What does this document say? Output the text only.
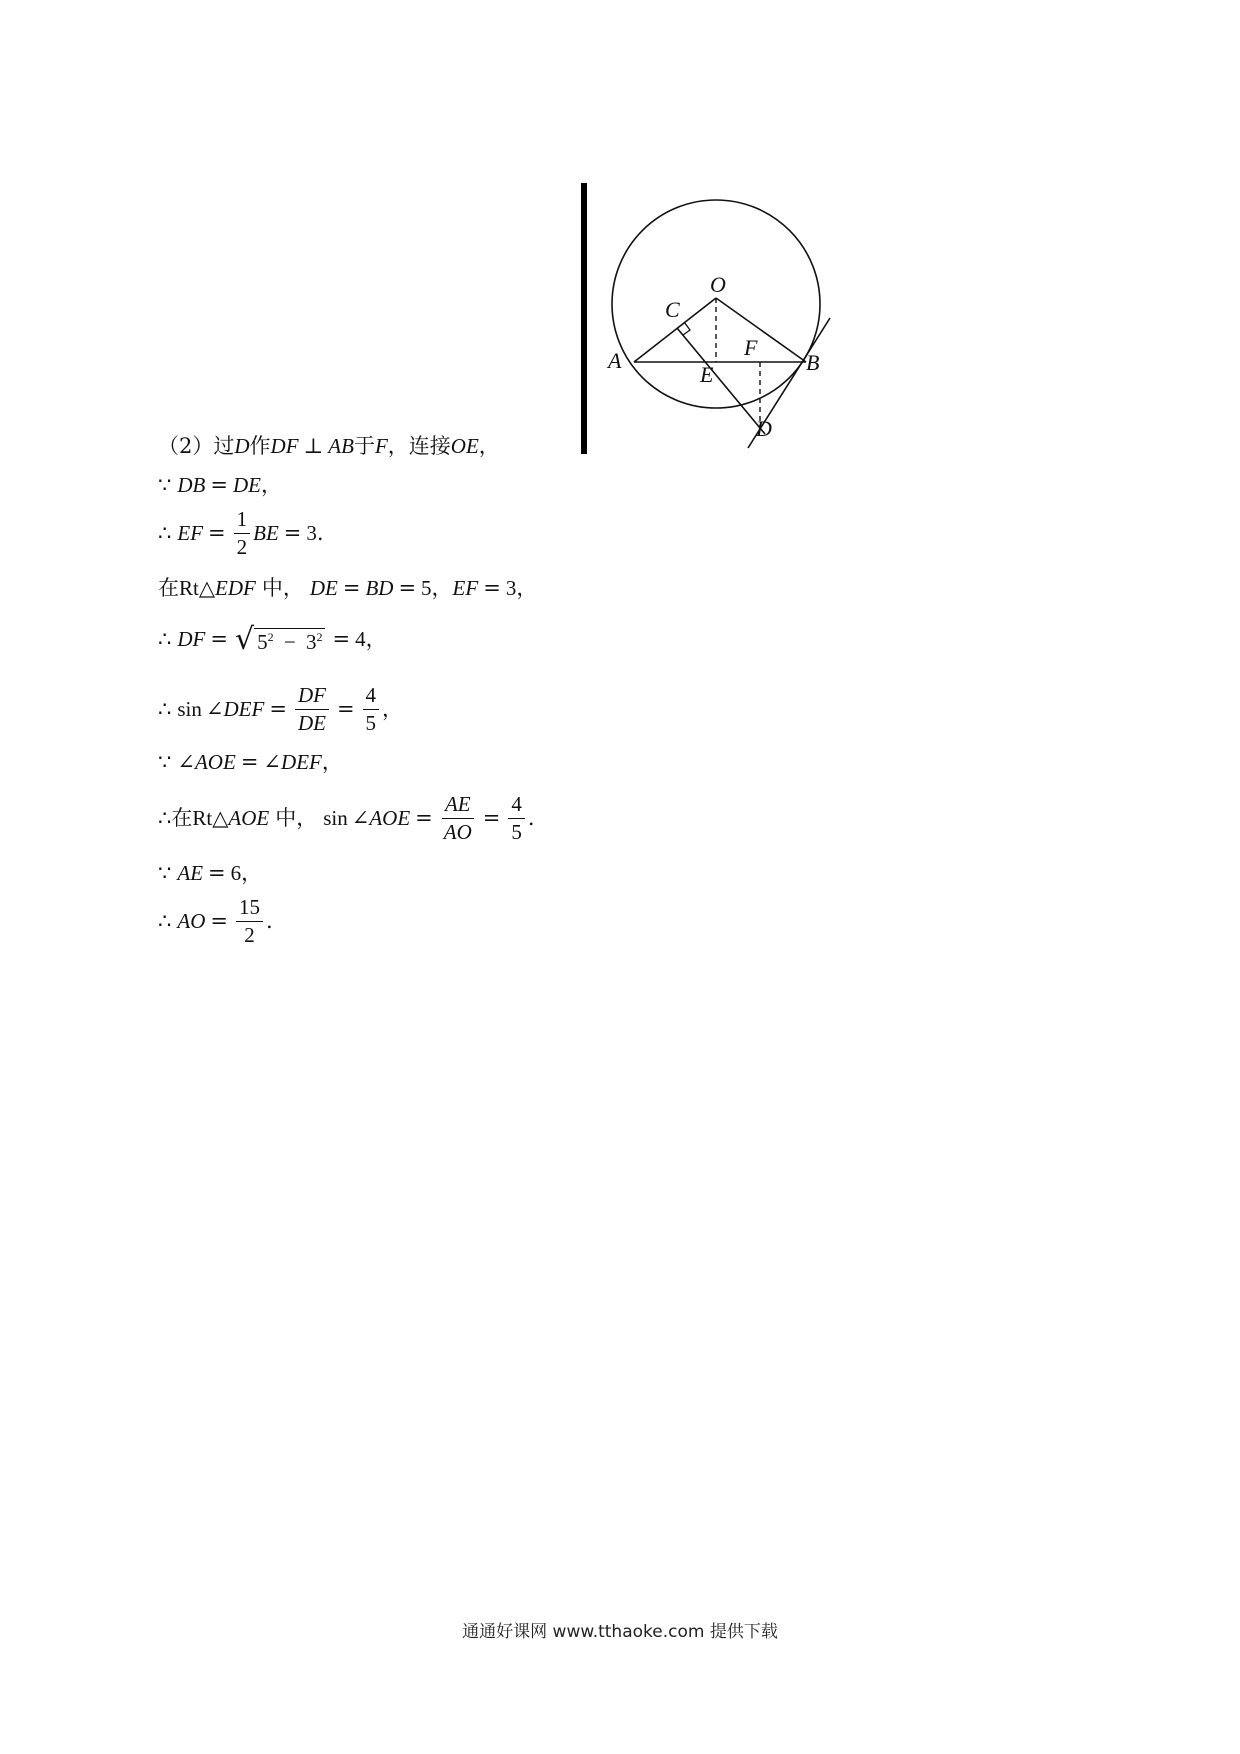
O
C
A
E
F
B
D
（2）过 D 作 DF ⊥ AB 于 F ，连接 OE ，
∵ DB = DE ，
∴ EF = $\frac{1}{2}$ BE = 3 .
在 Rt△ EDF 中， DE = BD = 5 ， EF = 3 ，
∴ DF = √ $5^2 - 3^2 = 4$ ，
∴ sin ∠ DEF = $\frac{DF}{DE} = \frac{4}{5}$ ，
∵ ∠ AOE = ∠ DEF ，
∴ 在 Rt△ AOE 中， sin ∠ AOE = $\frac{AE}{AO} = \frac{4}{5}$ .
∵ AE = 6 ，
∴ AO = $\frac{15}{2}$ .
通通好课网 www.tthaoke.com 提供下载
